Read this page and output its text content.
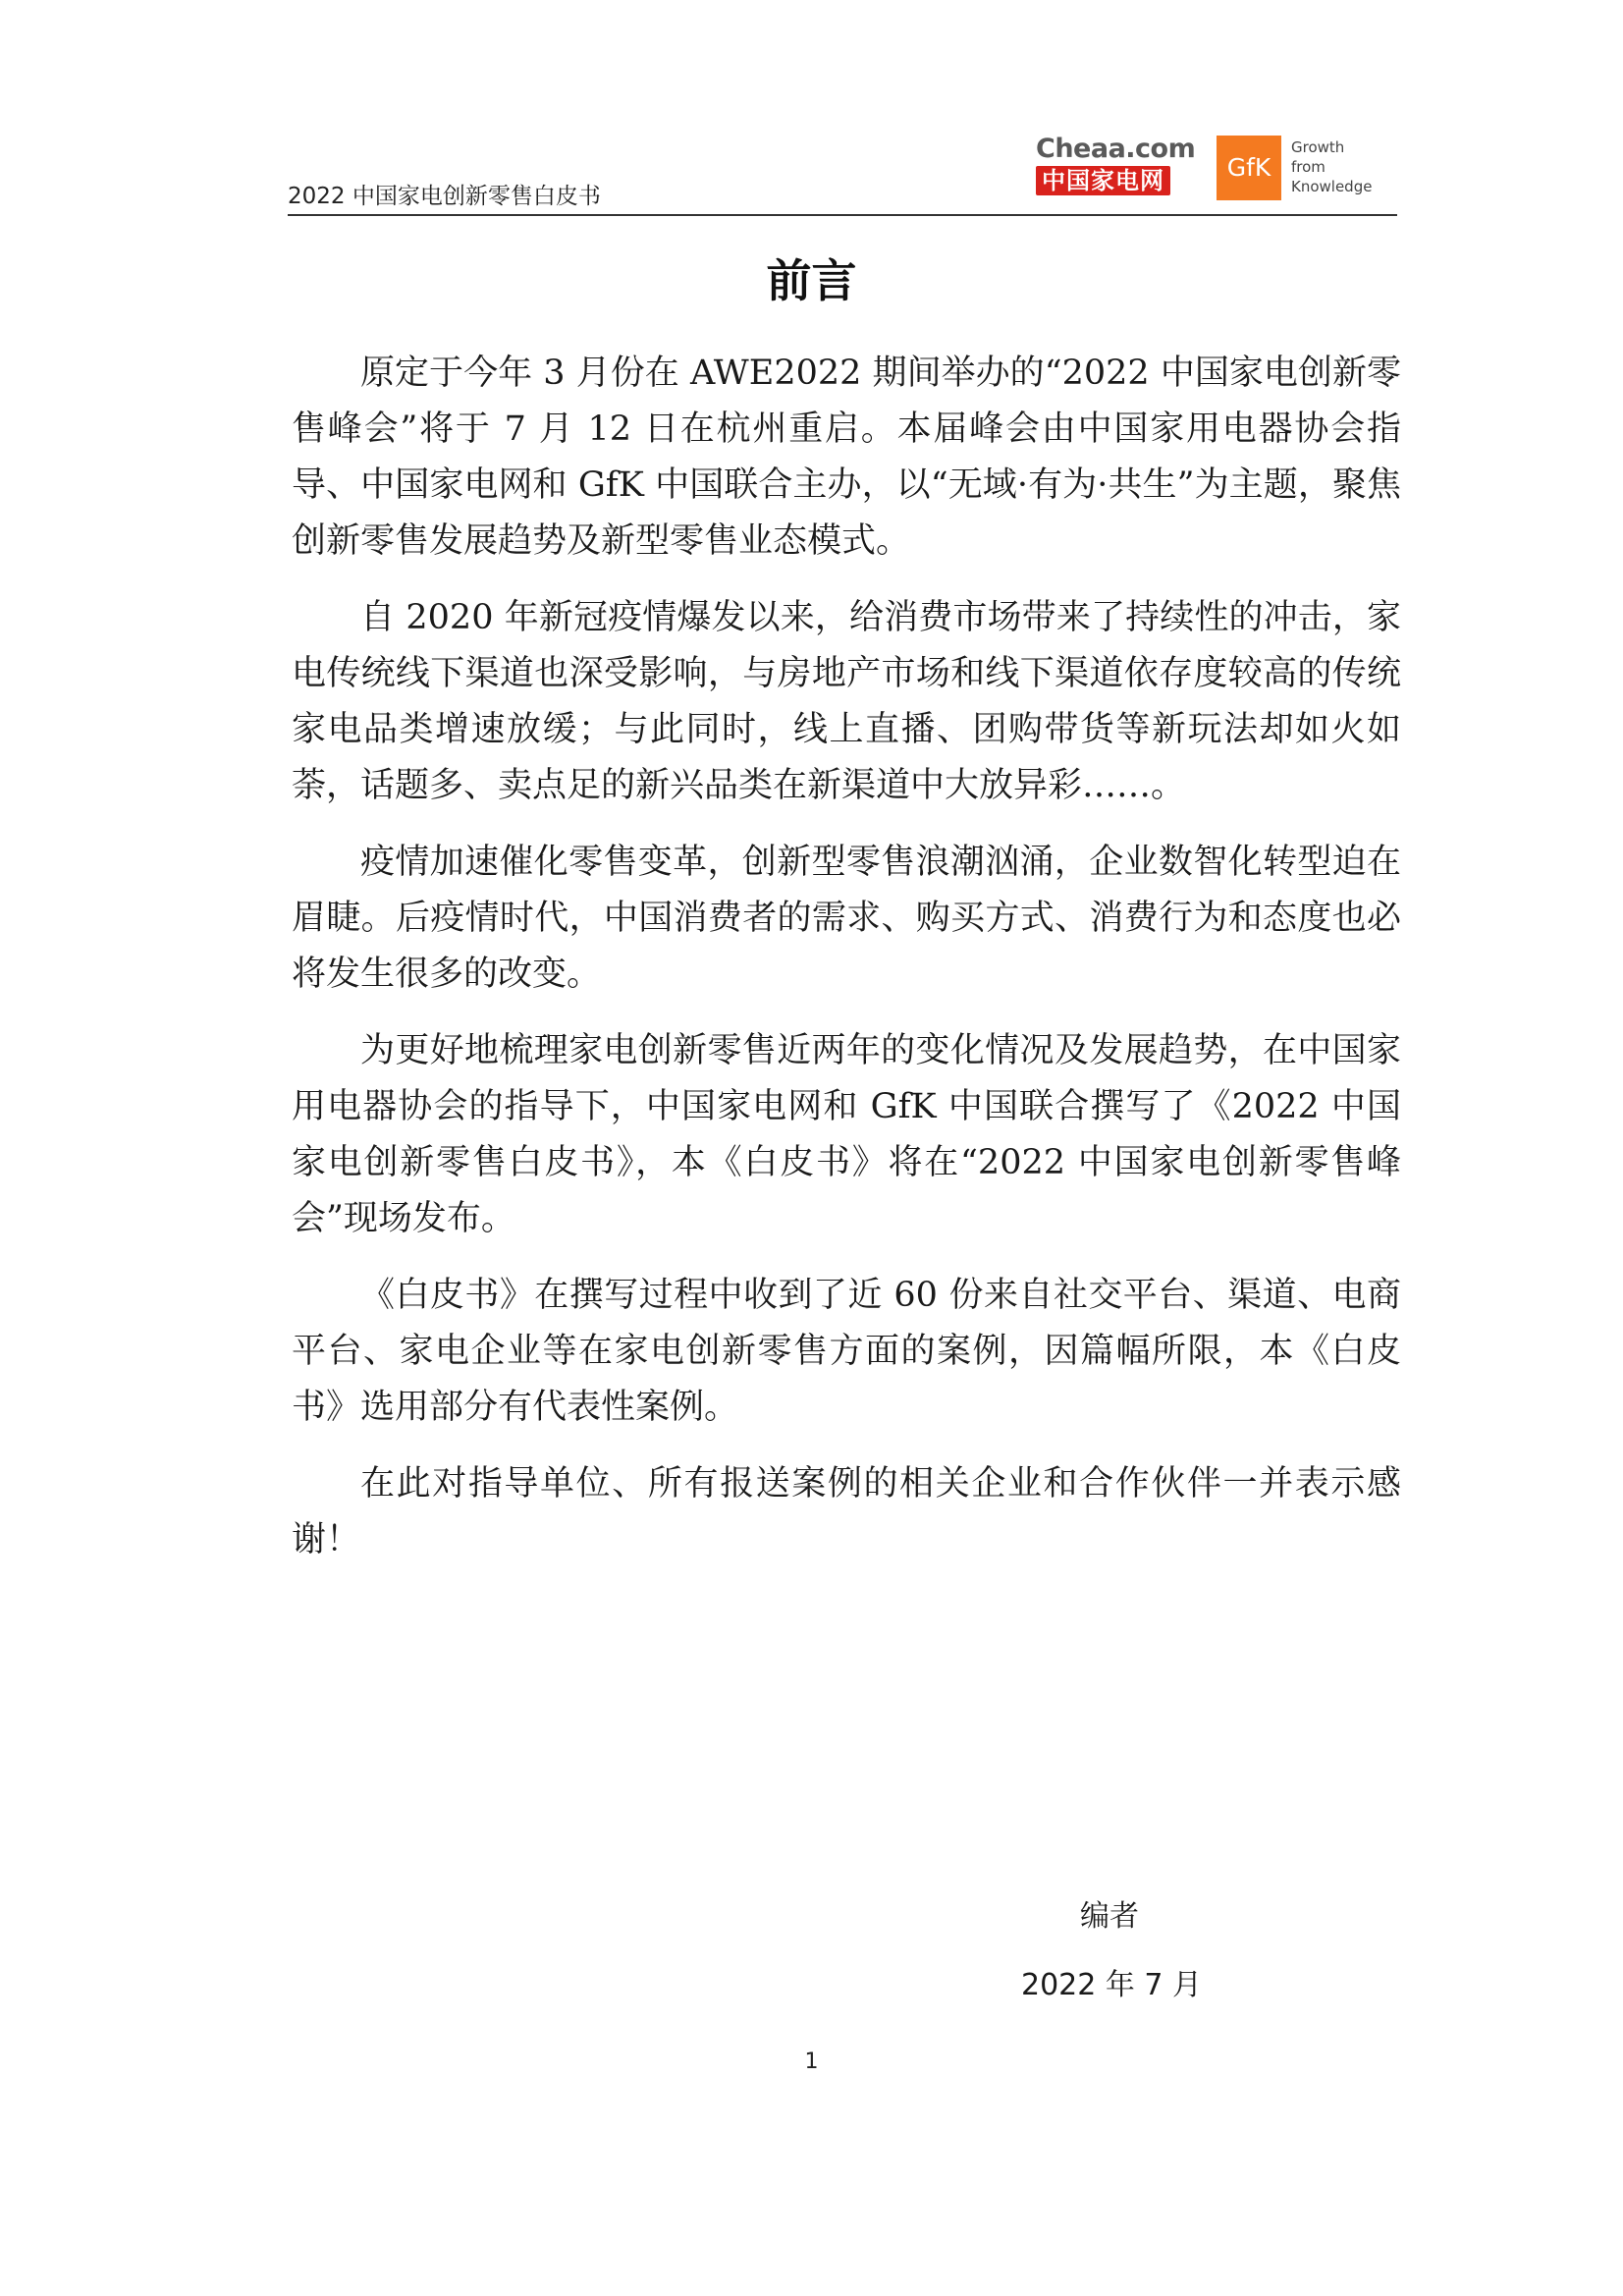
2022 中国家电创新零售白皮书
Cheaa.com
中国家电网	GfK
Growth
from
Knowledge
前言

原定于今年 3 月份在 AWE2022 期间举办的“2022 中国家电创新零售峰会”将于 7 月 12 日在杭州重启。本届峰会由中国家用电器协会指导、中国家电网和 GfK 中国联合主办，以“无域·有为·共生”为主题，聚焦创新零售发展趋势及新型零售业态模式。

自 2020 年新冠疫情爆发以来，给消费市场带来了持续性的冲击，家电传统线下渠道也深受影响，与房地产市场和线下渠道依存度较高的传统家电品类增速放缓；与此同时，线上直播、团购带货等新玩法却如火如荼，话题多、卖点足的新兴品类在新渠道中大放异彩……。

疫情加速催化零售变革，创新型零售浪潮汹涌，企业数智化转型迫在眉睫。后疫情时代，中国消费者的需求、购买方式、消费行为和态度也必将发生很多的改变。

为更好地梳理家电创新零售近两年的变化情况及发展趋势，在中国家用电器协会的指导下，中国家电网和 GfK 中国联合撰写了《2022 中国家电创新零售白皮书》，本《白皮书》将在“2022 中国家电创新零售峰会”现场发布。

《白皮书》在撰写过程中收到了近 60 份来自社交平台、渠道、电商平台、家电企业等在家电创新零售方面的案例，因篇幅所限，本《白皮书》选用部分有代表性案例。

在此对指导单位、所有报送案例的相关企业和合作伙伴一并表示感谢！

编者
2022 年 7 月
1
